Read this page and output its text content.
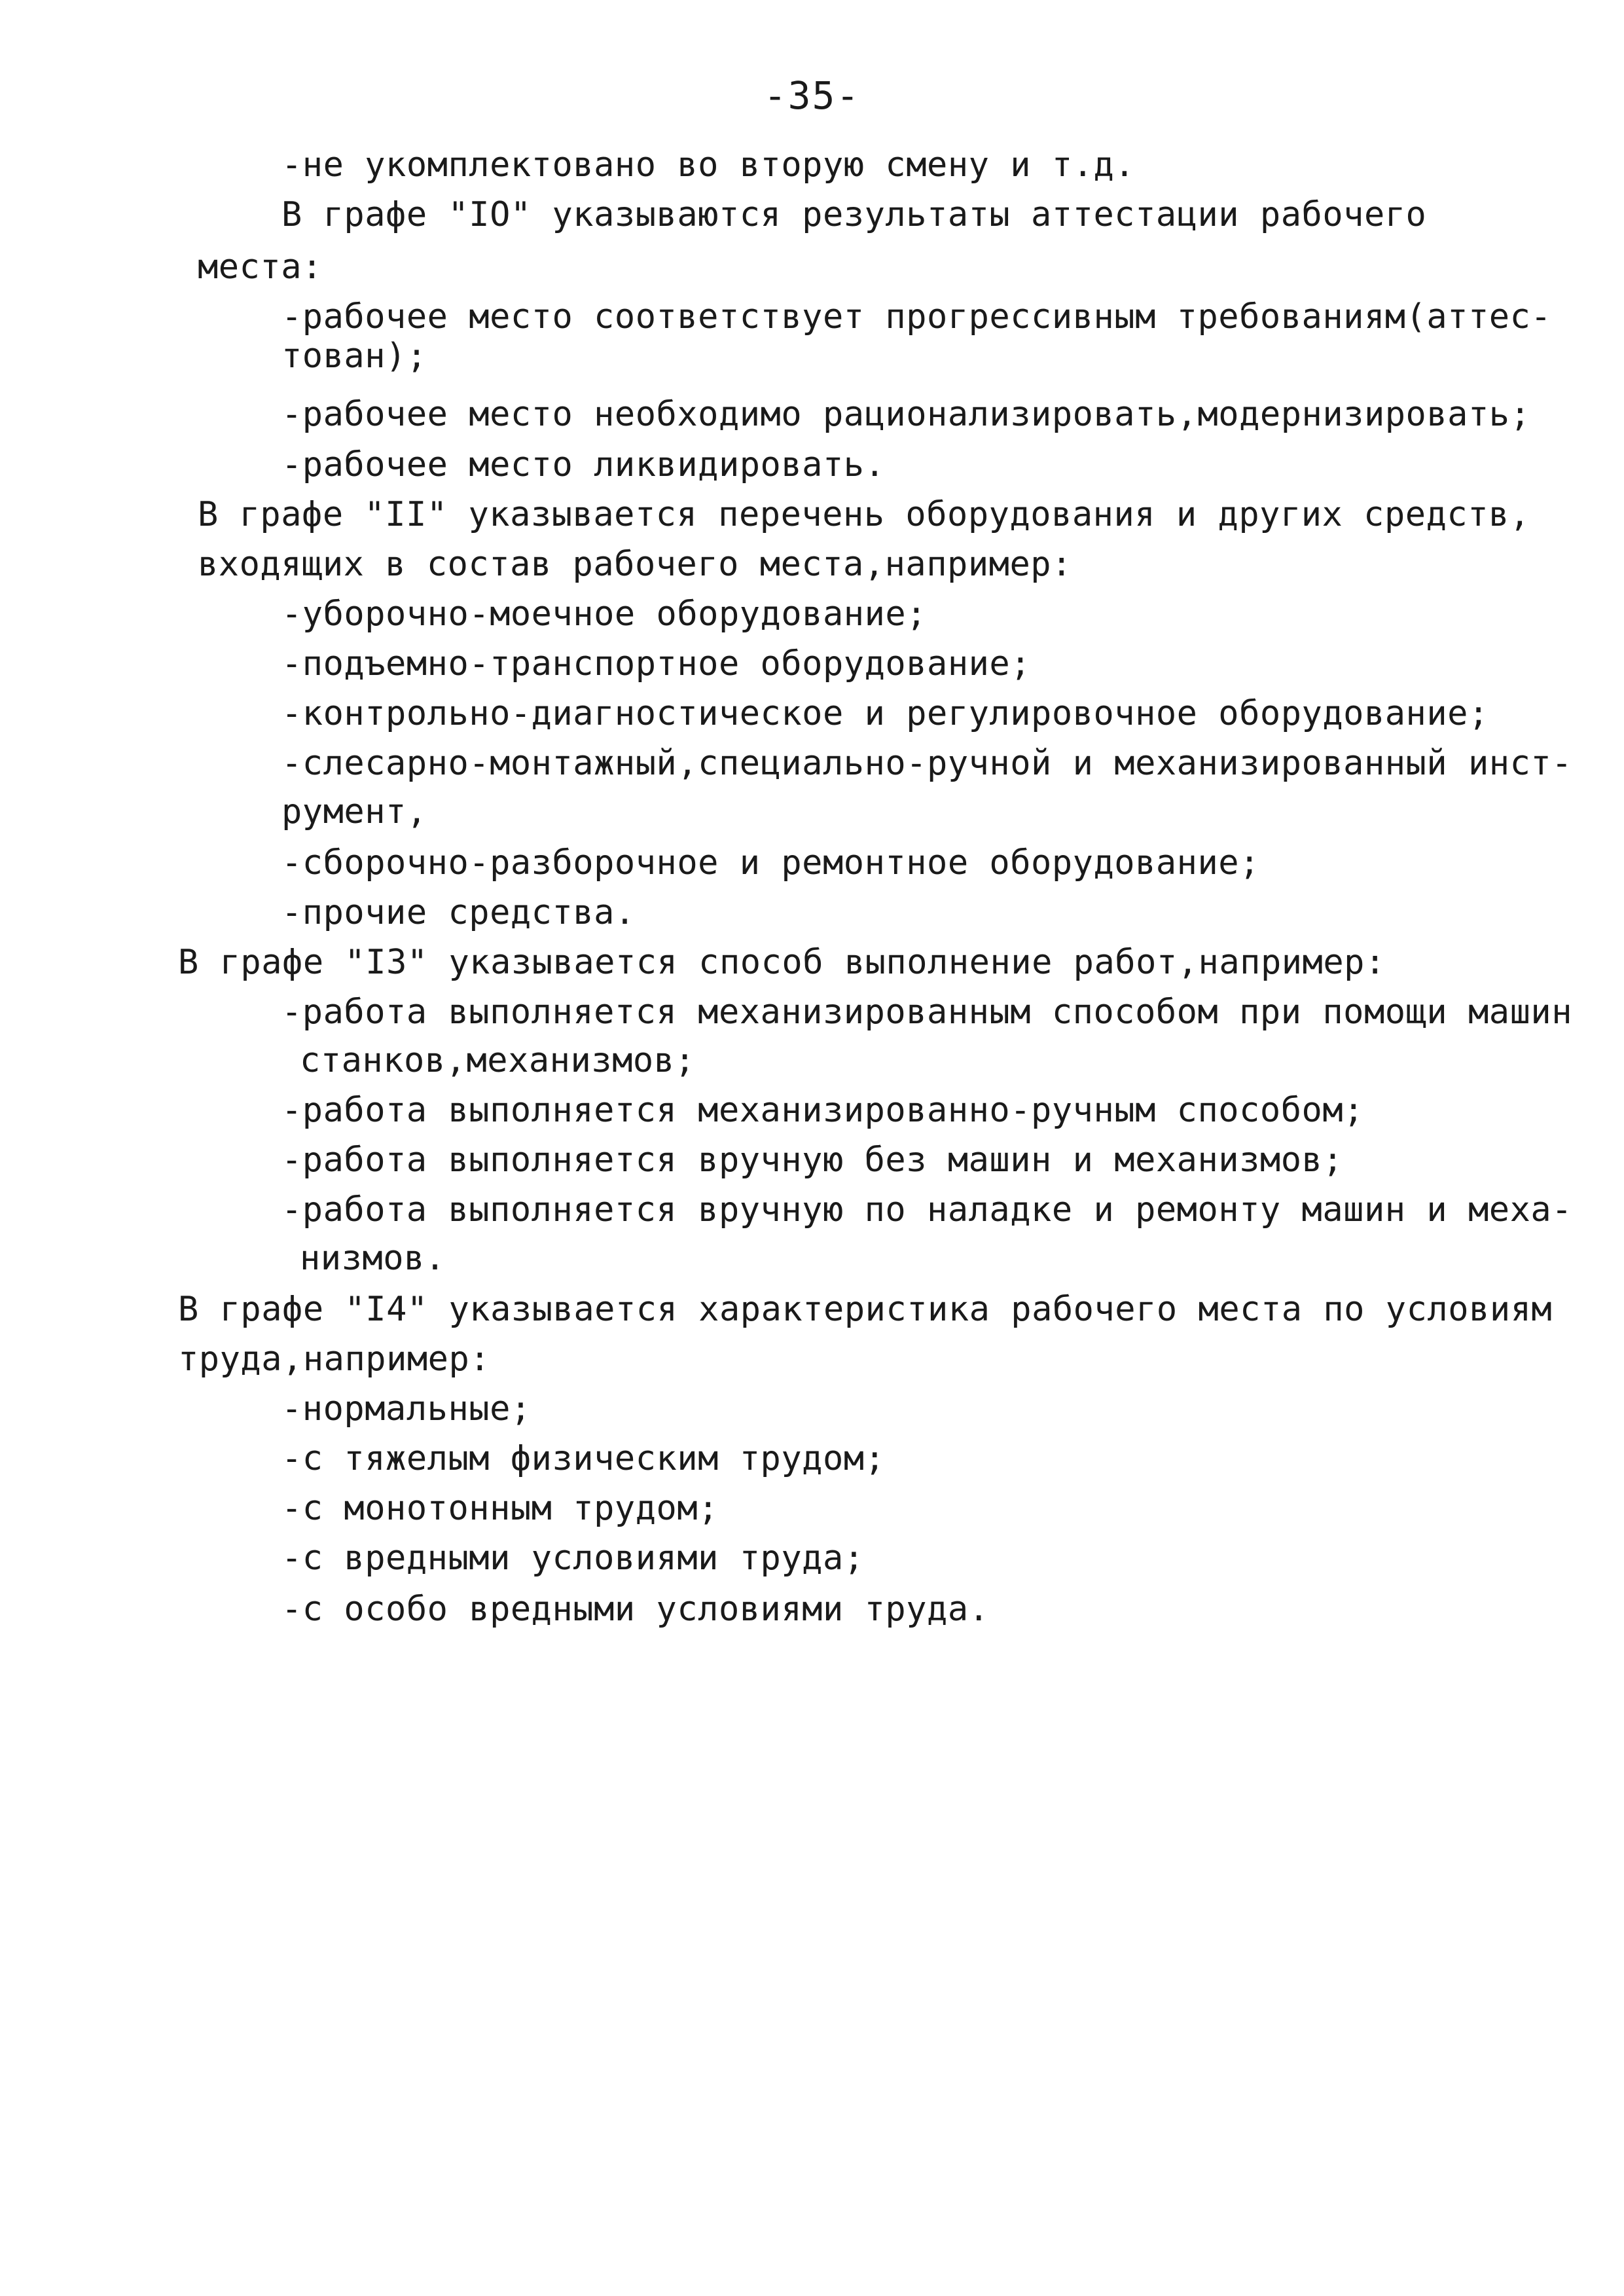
-35-
-не укомплектовано во вторую смену и т.д.
В графе "IO" указываются результаты аттестации рабочего
места:
-рабочее место соответствует прогрессивным требованиям(аттес-
тован);
-рабочее место необходимо рационализировать,модернизировать;
-рабочее место ликвидировать.
В графе "II" указывается перечень оборудования и других средств,
входящих в состав рабочего места,например:
-уборочно-моечное оборудование;
-подъемно-транспортное оборудование;
-контрольно-диагностическое и регулировочное оборудование;
-слесарно-монтажный,специально-ручной и механизированный инст-
румент,
-сборочно-разборочное и ремонтное оборудование;
-прочие средства.
В графе "I3" указывается способ выполнение работ,например:
-работа выполняется механизированным способом при помощи машин
станков,механизмов;
-работа выполняется механизированно-ручным способом;
-работа выполняется вручную без машин и механизмов;
-работа выполняется вручную по наладке и ремонту машин и меха-
низмов.
В графе "I4" указывается характеристика рабочего места по условиям
труда,например:
-нормальные;
-с тяжелым физическим трудом;
-с монотонным трудом;
-с вредными условиями труда;
-с особо вредными условиями труда.
